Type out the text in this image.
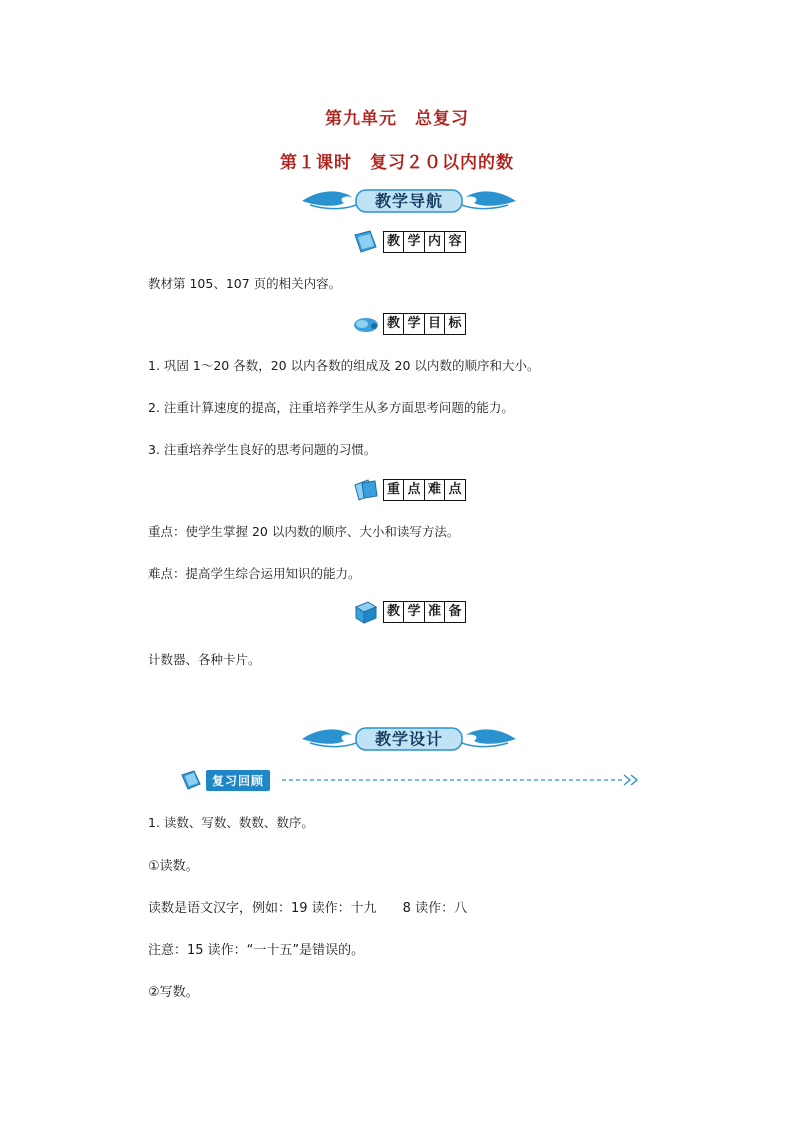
第九单元　总复习
第１课时　复习２０以内的数
教学导航
教 学 内 容
教材第 105、107 页的相关内容。
教 学 目 标
1. 巩固 1～20 各数，20 以内各数的组成及 20 以内数的顺序和大小。
2. 注重计算速度的提高，注重培养学生从多方面思考问题的能力。
3. 注重培养学生良好的思考问题的习惯。
重 点 难 点
重点：使学生掌握 20 以内数的顺序、大小和读写方法。
难点：提高学生综合运用知识的能力。
教 学 准 备
计数器、各种卡片。
教学设计
复习回顾
1. 读数、写数、数数、数序。
①读数。
读数是语文汉字，例如：19 读作：十九　　8 读作：八
注意：15 读作：“一十五”是错误的。
②写数。
